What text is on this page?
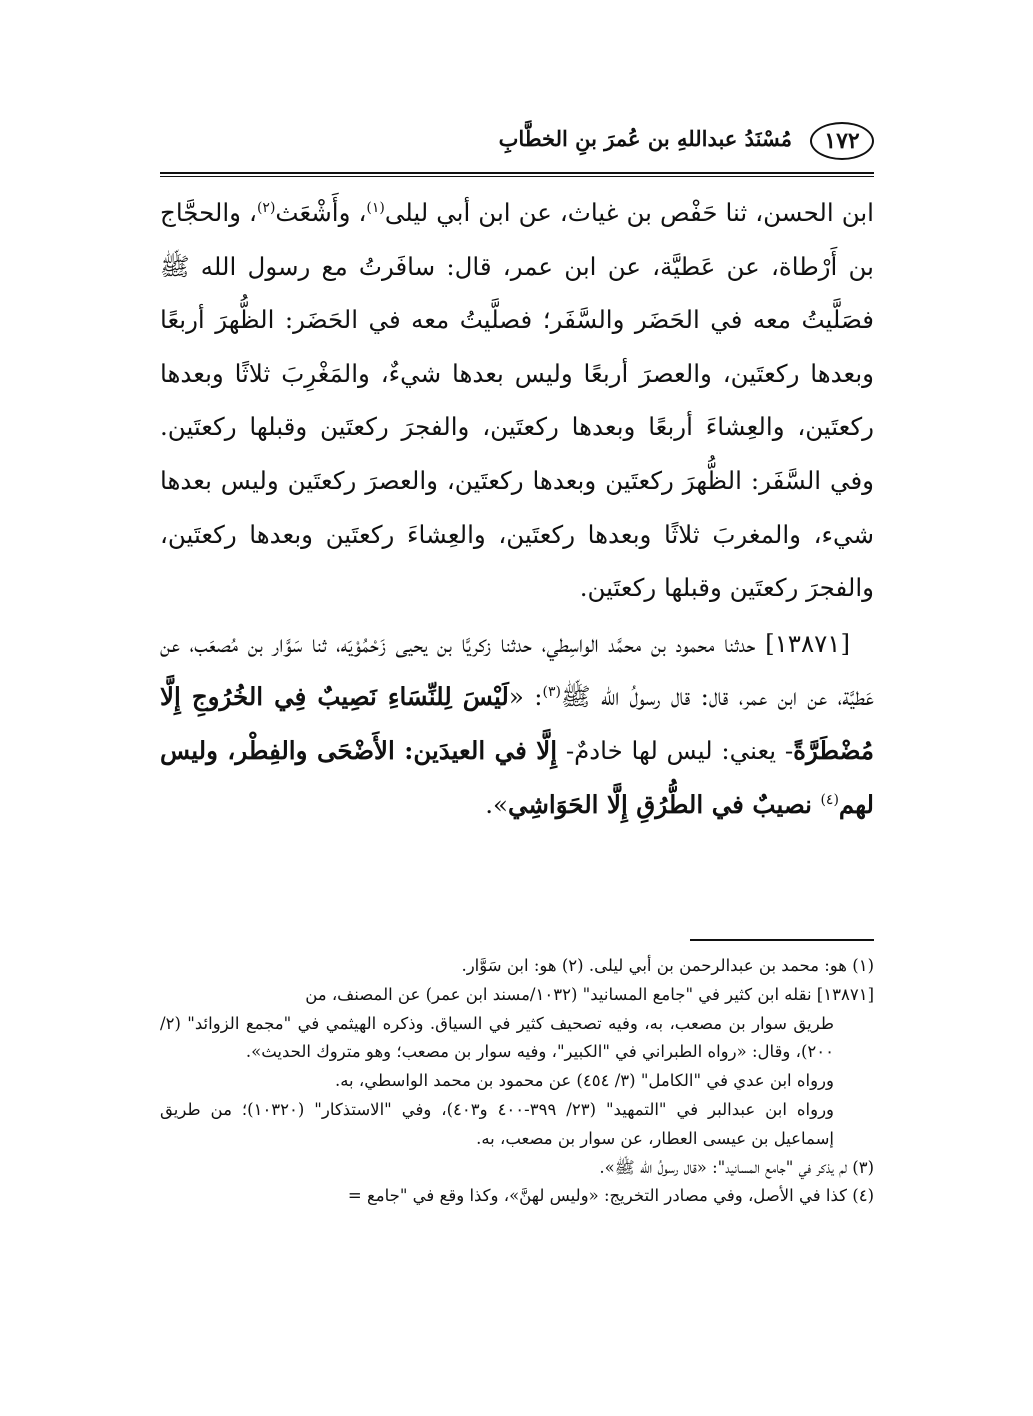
١٧٢
مُسْنَدُ عبداللهِ بن عُمرَ بنِ الخطَّابِ

ابن الحسن، ثنا حَفْص بن غياث، عن ابن أبي ليلى$^{(١)}$، وأَشْعَث$^{(٢)}$، والحجَّاج بن أَرْطاة، عن عَطيَّة، عن ابن عمر، قال: سافَرتُ مع رسول الله ﷺ فصَلَّيتُ معه في الحَضَر والسَّفَر؛ فصلَّيتُ معه في الحَضَر: الظُّهرَ أربعًا وبعدها ركعتَين، والعصرَ أربعًا وليس بعدها شيءٌ، والمَغْرِبَ ثلاثًا وبعدها ركعتَين، والعِشاءَ أربعًا وبعدها ركعتَين، والفجرَ ركعتَين وقبلها ركعتَين. وفي السَّفَر: الظُّهرَ ركعتَين وبعدها ركعتَين، والعصرَ ركعتَين وليس بعدها شيء، والمغربَ ثلاثًا وبعدها ركعتَين، والعِشاءَ ركعتَين وبعدها ركعتَين، والفجرَ ركعتَين وقبلها ركعتَين.

[١٣٨٧١] حدثنا محمود بن محمَّد الواسِطي، حدثنا زكريَّا بن يحيى زَحْمُوْيَه، ثنا سَوَّار بن مُصعَب، عن عَطيَّة، عن ابن عمر، قال: قال رسولُ الله ﷺ$^{(٣)}$: «لَيْسَ لِلنِّسَاءِ نَصِيبٌ فِي الخُرُوجِ إِلَّا مُضْطَرَّةً- يعني: ليس لها خادمٌ- إِلَّا في العيدَين: الأَضْحَى والفِطْر، وليس لهم$^{(٤)}$ نصيبٌ في الطُّرُقِ إِلَّا الحَوَاشِي».

(١) هو: محمد بن عبدالرحمن بن أبي ليلى. (٢) هو: ابن سَوَّار.

[١٣٨٧١] نقله ابن كثير في "جامع المسانيد" (١٠٣٢/مسند ابن عمر) عن المصنف، من

طريق سوار بن مصعب، به، وفيه تصحيف كثير في السياق. وذكره الهيثمي في "مجمع الزوائد" (٢/ ٢٠٠)، وقال: «رواه الطبراني في "الكبير"، وفيه سوار بن مصعب؛ وهو متروك الحديث».

ورواه ابن عدي في "الكامل" (٣/ ٤٥٤) عن محمود بن محمد الواسطي، به.

ورواه ابن عبدالبر في "التمهيد" (٢٣/ ٣٩٩-٤٠٠ و٤٠٣)، وفي "الاستذكار" (١٠٣٢٠)؛ من طريق إسماعيل بن عيسى العطار، عن سوار بن مصعب، به.

(٣) لم يذكر في "جامع المسانيد": «قال رسولُ الله ﷺ».

(٤) كذا في الأصل، وفي مصادر التخريج: «وليس لهنَّ»، وكذا وقع في "جامع =
